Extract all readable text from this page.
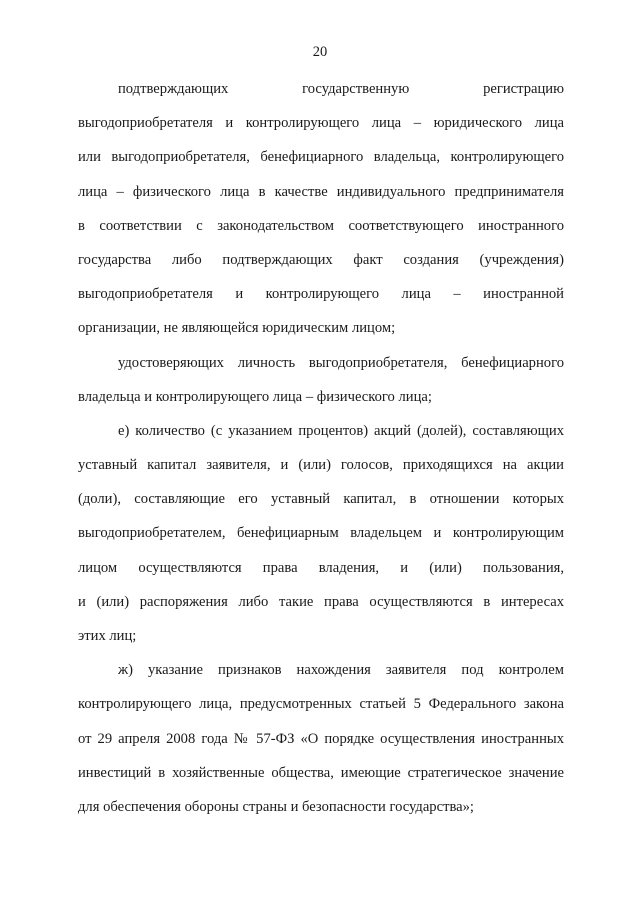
20
подтверждающих государственную регистрацию
выгодоприобретателя и контролирующего лица – юридического лица
или выгодоприобретателя, бенефициарного владельца, контролирующего
лица – физического лица в качестве индивидуального предпринимателя
в соответствии с законодательством соответствующего иностранного
государства либо подтверждающих факт создания (учреждения)
выгодоприобретателя и контролирующего лица – иностранной
организации, не являющейся юридическим лицом;
удостоверяющих личность выгодоприобретателя, бенефициарного
владельца и контролирующего лица – физического лица;
е) количество (с указанием процентов) акций (долей), составляющих
уставный капитал заявителя, и (или) голосов, приходящихся на акции
(доли), составляющие его уставный капитал, в отношении которых
выгодоприобретателем, бенефициарным владельцем и контролирующим
лицом осуществляются права владения, и (или) пользования,
и (или) распоряжения либо такие права осуществляются в интересах
этих лиц;
ж) указание признаков нахождения заявителя под контролем
контролирующего лица, предусмотренных статьей 5 Федерального закона
от 29 апреля 2008 года № 57-ФЗ «О порядке осуществления иностранных
инвестиций в хозяйственные общества, имеющие стратегическое значение
для обеспечения обороны страны и безопасности государства»;
